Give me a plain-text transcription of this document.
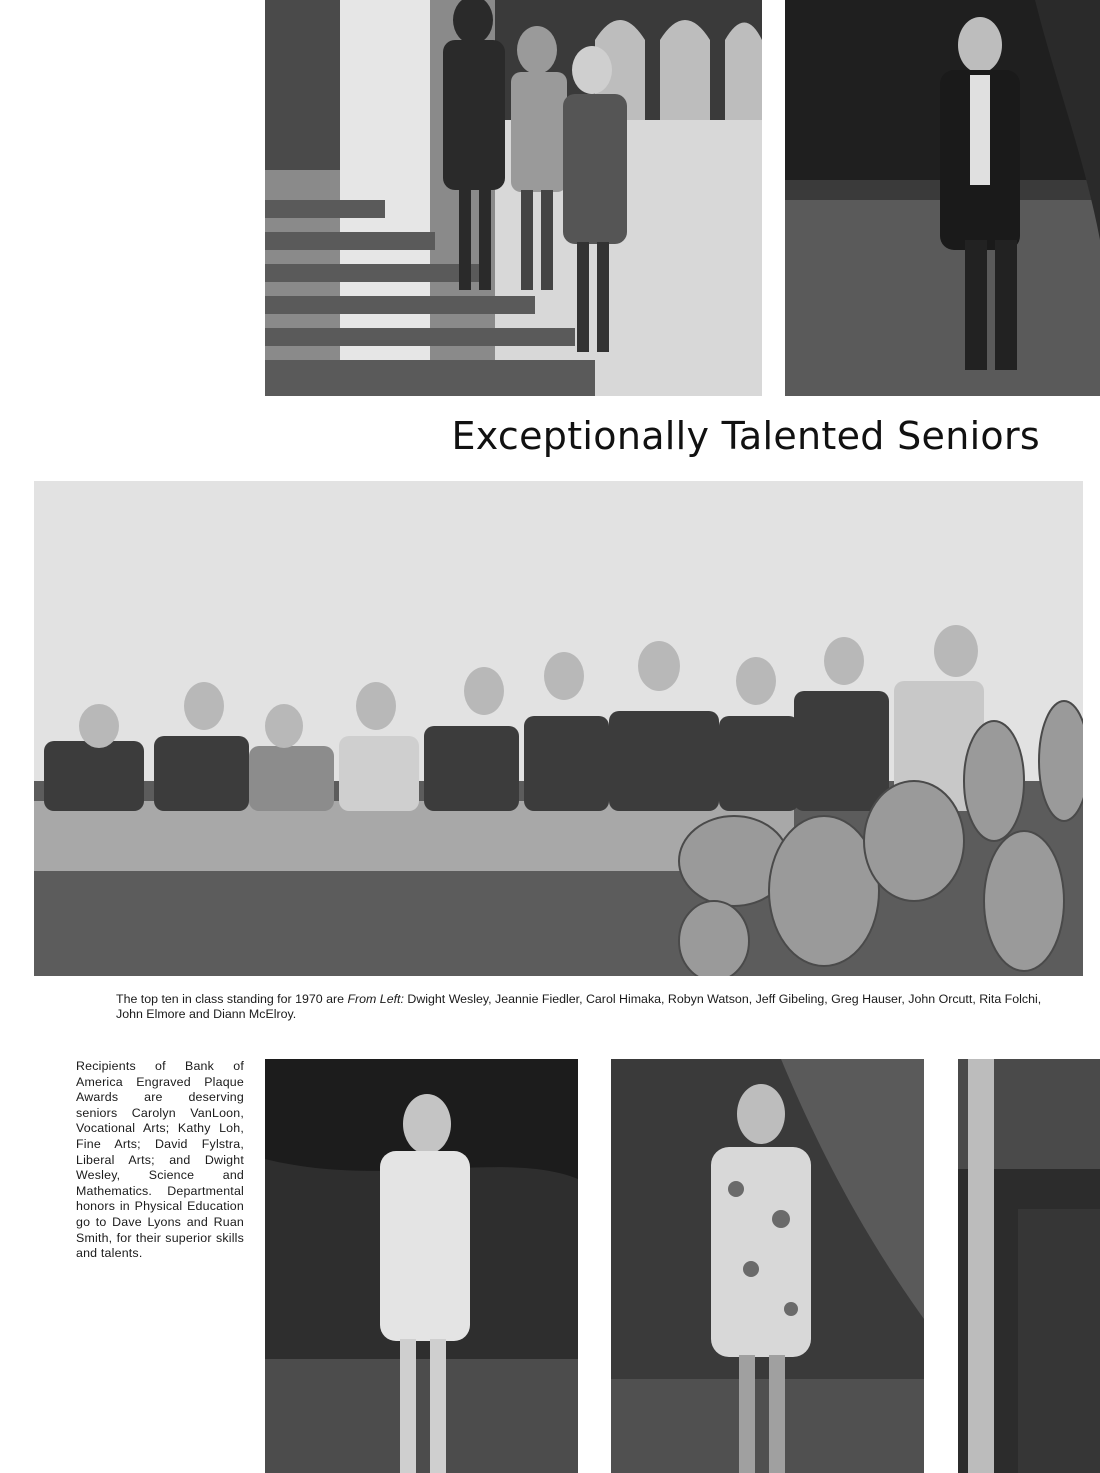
Exceptionally Talented Seniors

The top ten in class standing for 1970 are From Left: Dwight Wesley, Jeannie Fiedler, Carol Himaka, Robyn Watson, Jeff Gibeling, Greg Hauser, John Orcutt, Rita Folchi, John Elmore and Diann McElroy.

Recipients of Bank of America Engraved Plaque Awards are deserving seniors Carolyn VanLoon, Vocational Arts; Kathy Loh, Fine Arts; David Fylstra, Liberal Arts; and Dwight Wesley, Science and Mathematics. Departmental honors in Physical Education go to Dave Lyons and Ruan Smith, for their superior skills and talents.
